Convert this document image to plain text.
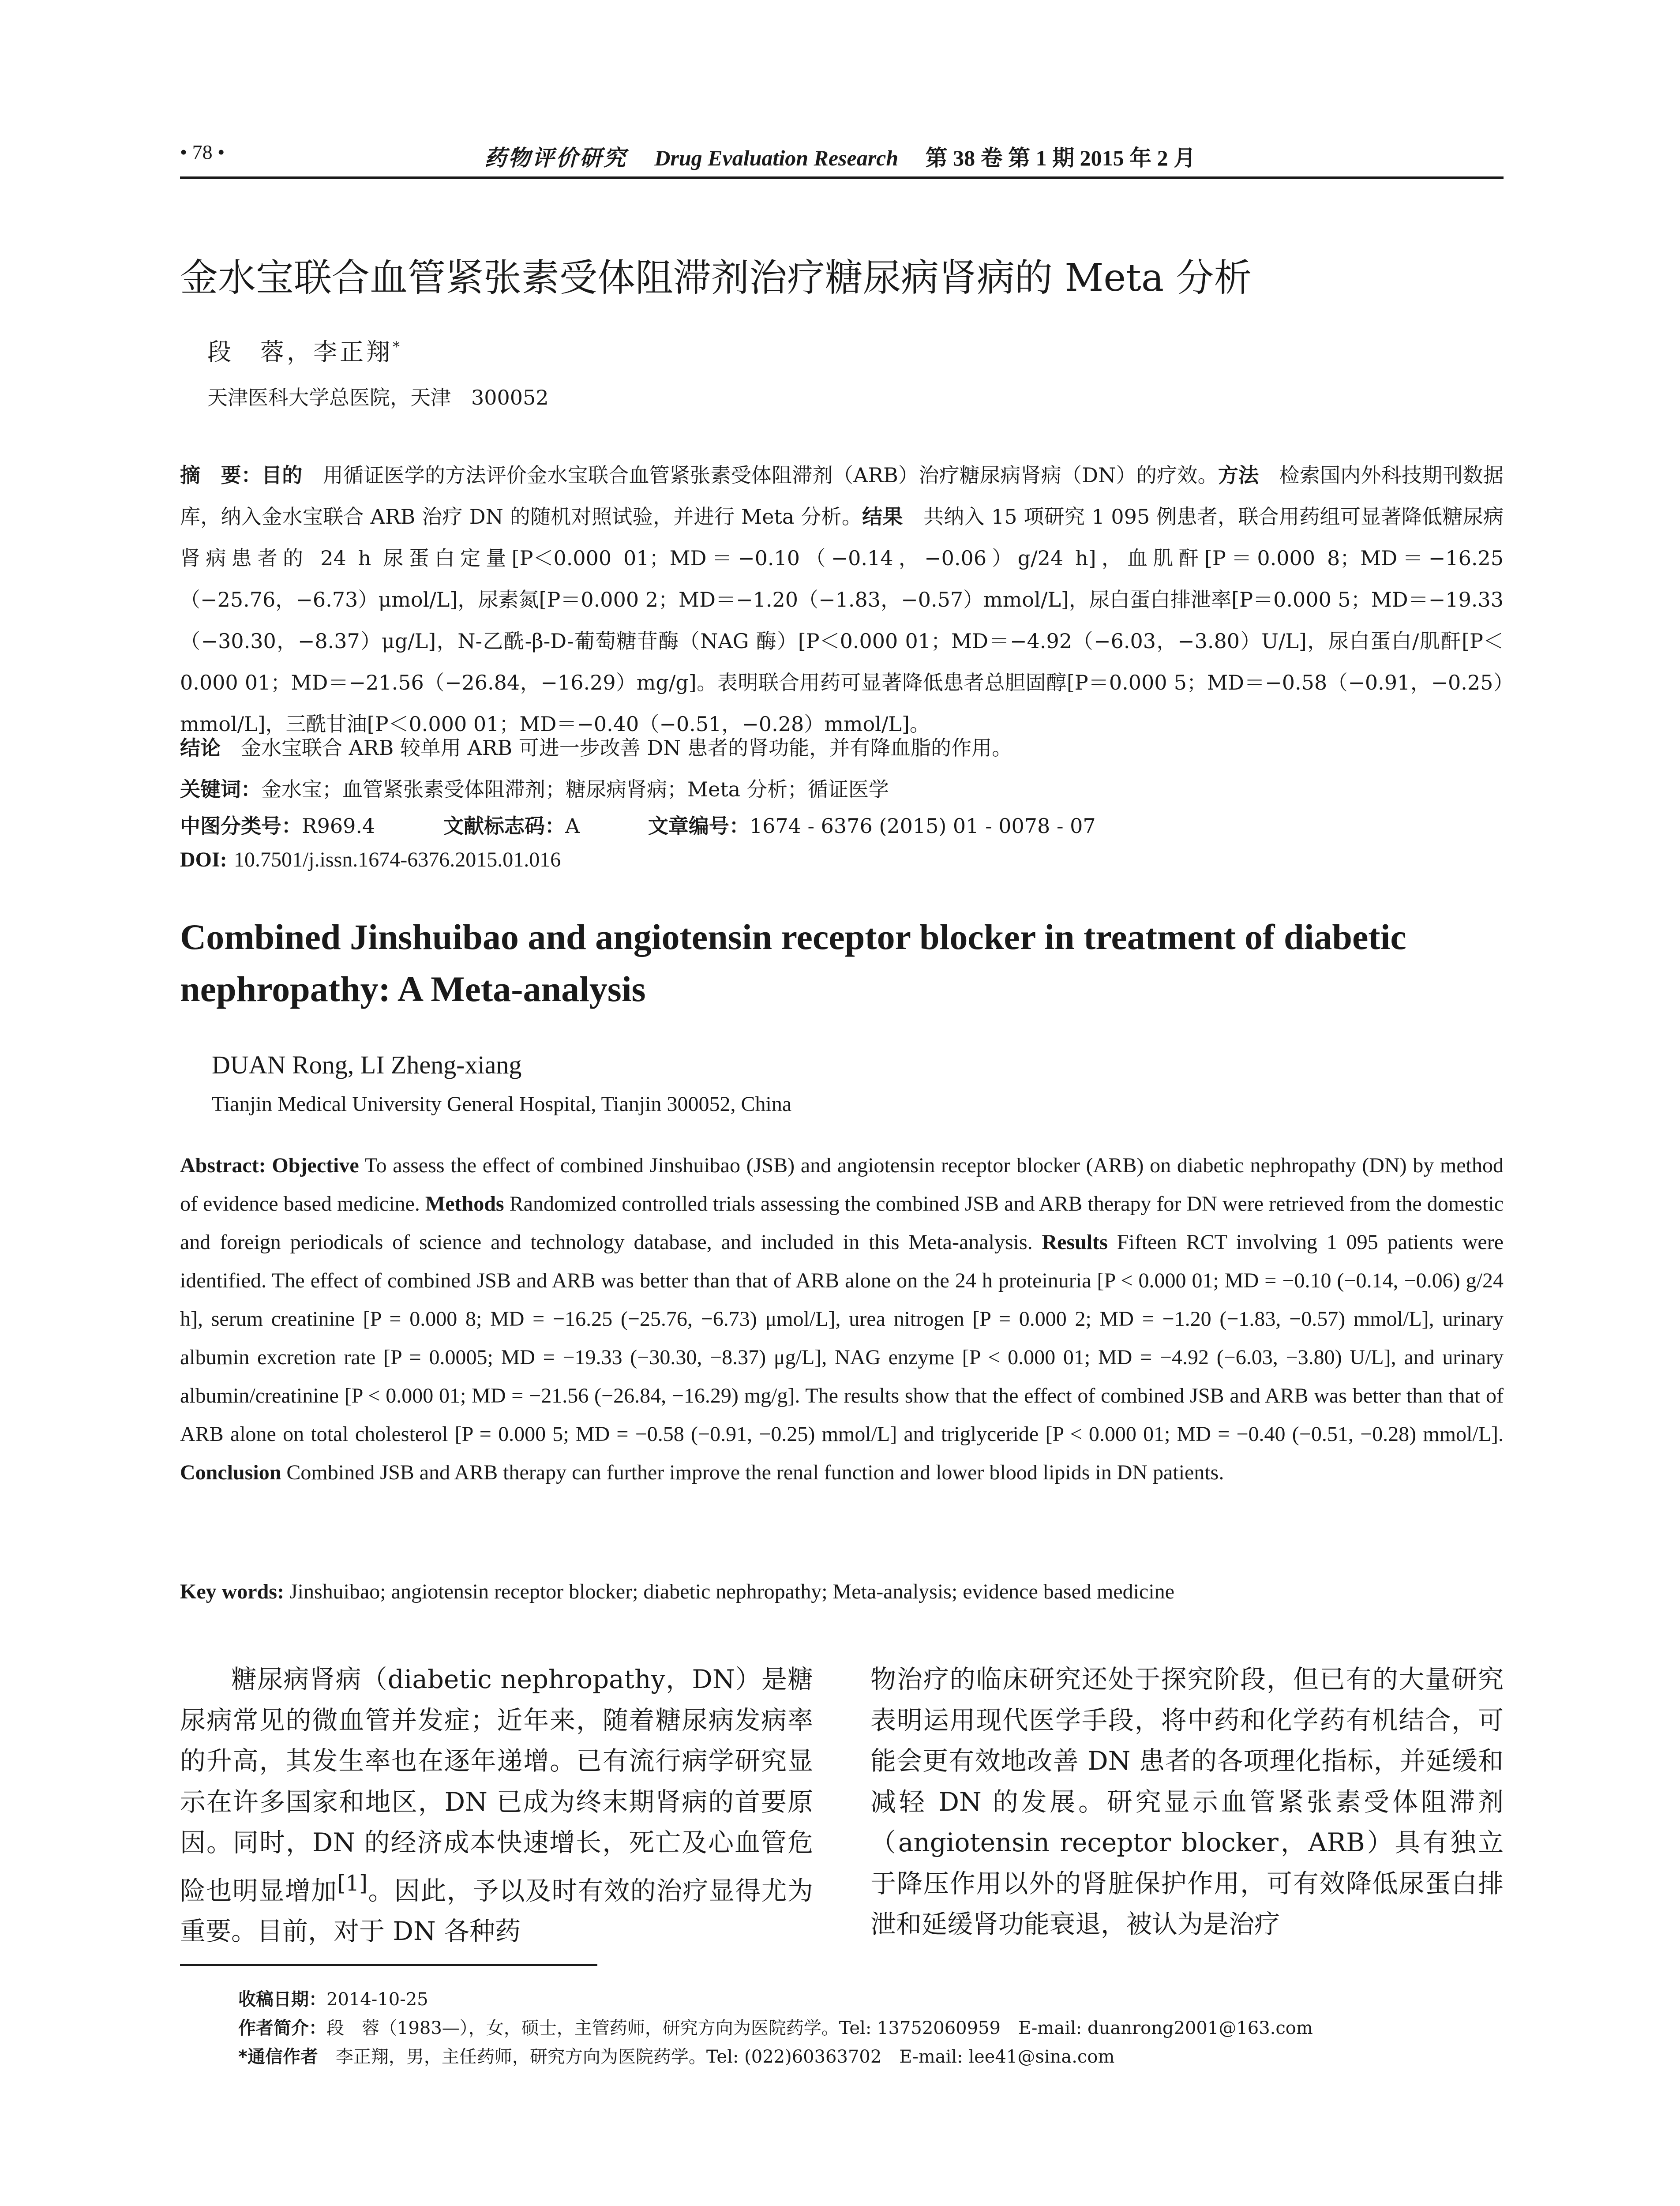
• 78 •	药物评价研究 Drug Evaluation Research 第 38 卷 第 1 期 2015 年 2 月
金水宝联合血管紧张素受体阻滞剂治疗糖尿病肾病的 Meta 分析
段　蓉，李正翔*
天津医科大学总医院，天津　300052
摘　要：目的　用循证医学的方法评价金水宝联合血管紧张素受体阻滞剂（ARB）治疗糖尿病肾病（DN）的疗效。方法　检索国内外科技期刊数据库，纳入金水宝联合 ARB 治疗 DN 的随机对照试验，并进行 Meta 分析。结果　共纳入 15 项研究 1 095 例患者，联合用药组可显著降低糖尿病肾病患者的 24 h 尿蛋白定量[P＜0.000 01；MD＝−0.10（−0.14，−0.06）g/24 h]，血肌酐[P＝0.000 8；MD＝−16.25（−25.76，−6.73）μmol/L]，尿素氮[P＝0.000 2；MD＝−1.20（−1.83，−0.57）mmol/L]，尿白蛋白排泄率[P＝0.000 5；MD＝−19.33（−30.30，−8.37）μg/L]，N-乙酰-β-D-葡萄糖苷酶（NAG 酶）[P＜0.000 01；MD＝−4.92（−6.03，−3.80）U/L]，尿白蛋白/肌酐[P＜0.000 01；MD＝−21.56（−26.84，−16.29）mg/g]。表明联合用药可显著降低患者总胆固醇[P＝0.000 5；MD＝−0.58（−0.91，−0.25）mmol/L]，三酰甘油[P＜0.000 01；MD＝−0.40（−0.51，−0.28）mmol/L]。
结论　金水宝联合 ARB 较单用 ARB 可进一步改善 DN 患者的肾功能，并有降血脂的作用。
关键词：金水宝；血管紧张素受体阻滞剂；糖尿病肾病；Meta 分析；循证医学
中图分类号：R969.4	文献标志码：A	文章编号：1674 - 6376 (2015) 01 - 0078 - 07
DOI: 10.7501/j.issn.1674-6376.2015.01.016
Combined Jinshuibao and angiotensin receptor blocker in treatment of diabetic nephropathy: A Meta-analysis
DUAN Rong, LI Zheng-xiang
Tianjin Medical University General Hospital, Tianjin 300052, China
Abstract: Objective To assess the effect of combined Jinshuibao (JSB) and angiotensin receptor blocker (ARB) on diabetic nephropathy (DN) by method of evidence based medicine. Methods Randomized controlled trials assessing the combined JSB and ARB therapy for DN were retrieved from the domestic and foreign periodicals of science and technology database, and included in this Meta-analysis. Results Fifteen RCT involving 1 095 patients were identified. The effect of combined JSB and ARB was better than that of ARB alone on the 24 h proteinuria [P < 0.000 01; MD = −0.10 (−0.14, −0.06) g/24 h], serum creatinine [P = 0.000 8; MD = −16.25 (−25.76, −6.73) μmol/L], urea nitrogen [P = 0.000 2; MD = −1.20 (−1.83, −0.57) mmol/L], urinary albumin excretion rate [P = 0.0005; MD = −19.33 (−30.30, −8.37) μg/L], NAG enzyme [P < 0.000 01; MD = −4.92 (−6.03, −3.80) U/L], and urinary albumin/creatinine [P < 0.000 01; MD = −21.56 (−26.84, −16.29) mg/g]. The results show that the effect of combined JSB and ARB was better than that of ARB alone on total cholesterol [P = 0.000 5; MD = −0.58 (−0.91, −0.25) mmol/L] and triglyceride [P < 0.000 01; MD = −0.40 (−0.51, −0.28) mmol/L]. Conclusion Combined JSB and ARB therapy can further improve the renal function and lower blood lipids in DN patients.
Key words: Jinshuibao; angiotensin receptor blocker; diabetic nephropathy; Meta-analysis; evidence based medicine
糖尿病肾病（diabetic nephropathy，DN）是糖尿病常见的微血管并发症；近年来，随着糖尿病发病率的升高，其发生率也在逐年递增。已有流行病学研究显示在许多国家和地区，DN 已成为终末期肾病的首要原因。同时，DN 的经济成本快速增长，死亡及心血管危险也明显增加[1]。因此，予以及时有效的治疗显得尤为重要。目前，对于 DN 各种药
物治疗的临床研究还处于探究阶段，但已有的大量研究表明运用现代医学手段，将中药和化学药有机结合，可能会更有效地改善 DN 患者的各项理化指标，并延缓和减轻 DN 的发展。研究显示血管紧张素受体阻滞剂（angiotensin receptor blocker，ARB）具有独立于降压作用以外的肾脏保护作用，可有效降低尿蛋白排泄和延缓肾功能衰退，被认为是治疗
收稿日期：2014-10-25
作者简介：段　蓉（1983—），女，硕士，主管药师，研究方向为医院药学。Tel: 13752060959　E-mail: duanrong2001@163.com
*通信作者　李正翔，男，主任药师，研究方向为医院药学。Tel: (022)60363702　E-mail: lee41@sina.com
